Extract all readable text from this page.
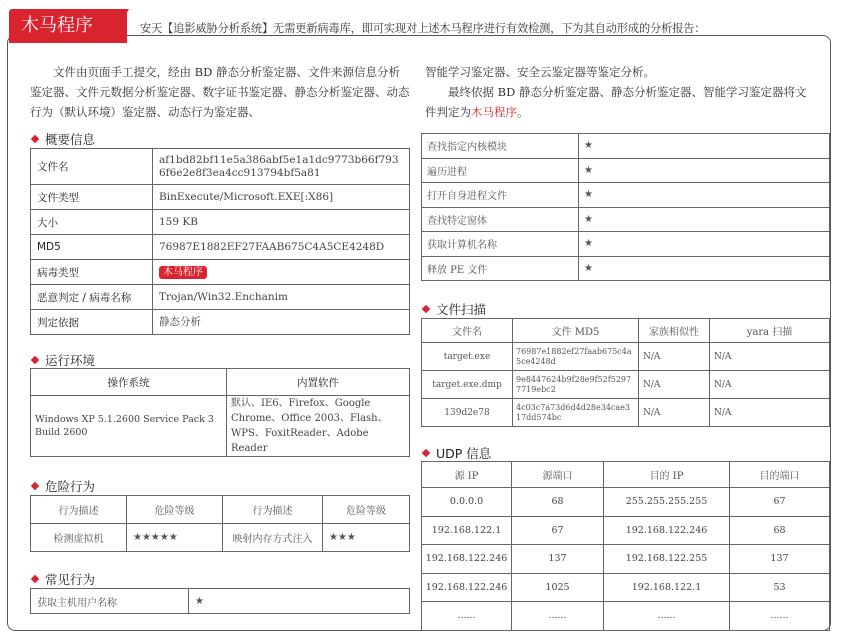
木马程序	安天【追影威胁分析系统】无需更新病毒库，即可实现对上述木马程序进行有效检测，下为其自动形成的分析报告：
文件由页面手工提交，经由 BD 静态分析鉴定器、文件来源信息分析鉴定器、文件元数据分析鉴定器、数字证书鉴定器、静态分析鉴定器、动态行为（默认环境）鉴定器、动态行为鉴定器、
智能学习鉴定器、安全云鉴定器等鉴定分析。
最终依据 BD 静态分析鉴定器、静态分析鉴定器、智能学习鉴定器将文件判定为木马程序。
概要信息
文件名	af1bd82bf11e5a386abf5e1a1dc9773b66f7936f6e2e8f3ea4cc913794bf5a81
文件类型	BinExecute/Microsoft.EXE[:X86]
大小	159 KB
MD5	76987E1882EF27FAAB675C4A5CE4248D
病毒类型	木马程序
恶意判定 / 病毒名称	Trojan/Win32.Enchanim
判定依据	静态分析
运行环境
操作系统	内置软件
Windows XP 5.1.2600 Service Pack 3 Build 2600	默认、IE6、Firefox、Google Chrome、Office 2003、Flash、WPS、FoxitReader、Adobe Reader
危险行为
行为描述	危险等级	行为描述	危险等级
检测虚拟机	★★★★★	映射内存方式注入	★★★
常见行为
获取主机用户名称	★
查找指定内核模块	★
遍历进程	★
打开自身进程文件	★
查找特定窗体	★
获取计算机名称	★
释放 PE 文件	★
文件扫描
文件名	文件 MD5	家族相似性	yara 扫描
target.exe	76987e1882ef27faab675c4a5ce4248d	N/A	N/A
target.exe.dmp	9e8447624b9f28e9f52f52977719ebc2	N/A	N/A
139d2e78	4c03c7a73d6d4d28e34cae317dd574bc	N/A	N/A
UDP 信息
源 IP	源端口	目的 IP	目的端口
0.0.0.0	68	255.255.255.255	67
192.168.122.1	67	192.168.122.246	68
192.168.122.246	137	192.168.122.255	137
192.168.122.246	1025	192.168.122.1	53
......	......	......	......
